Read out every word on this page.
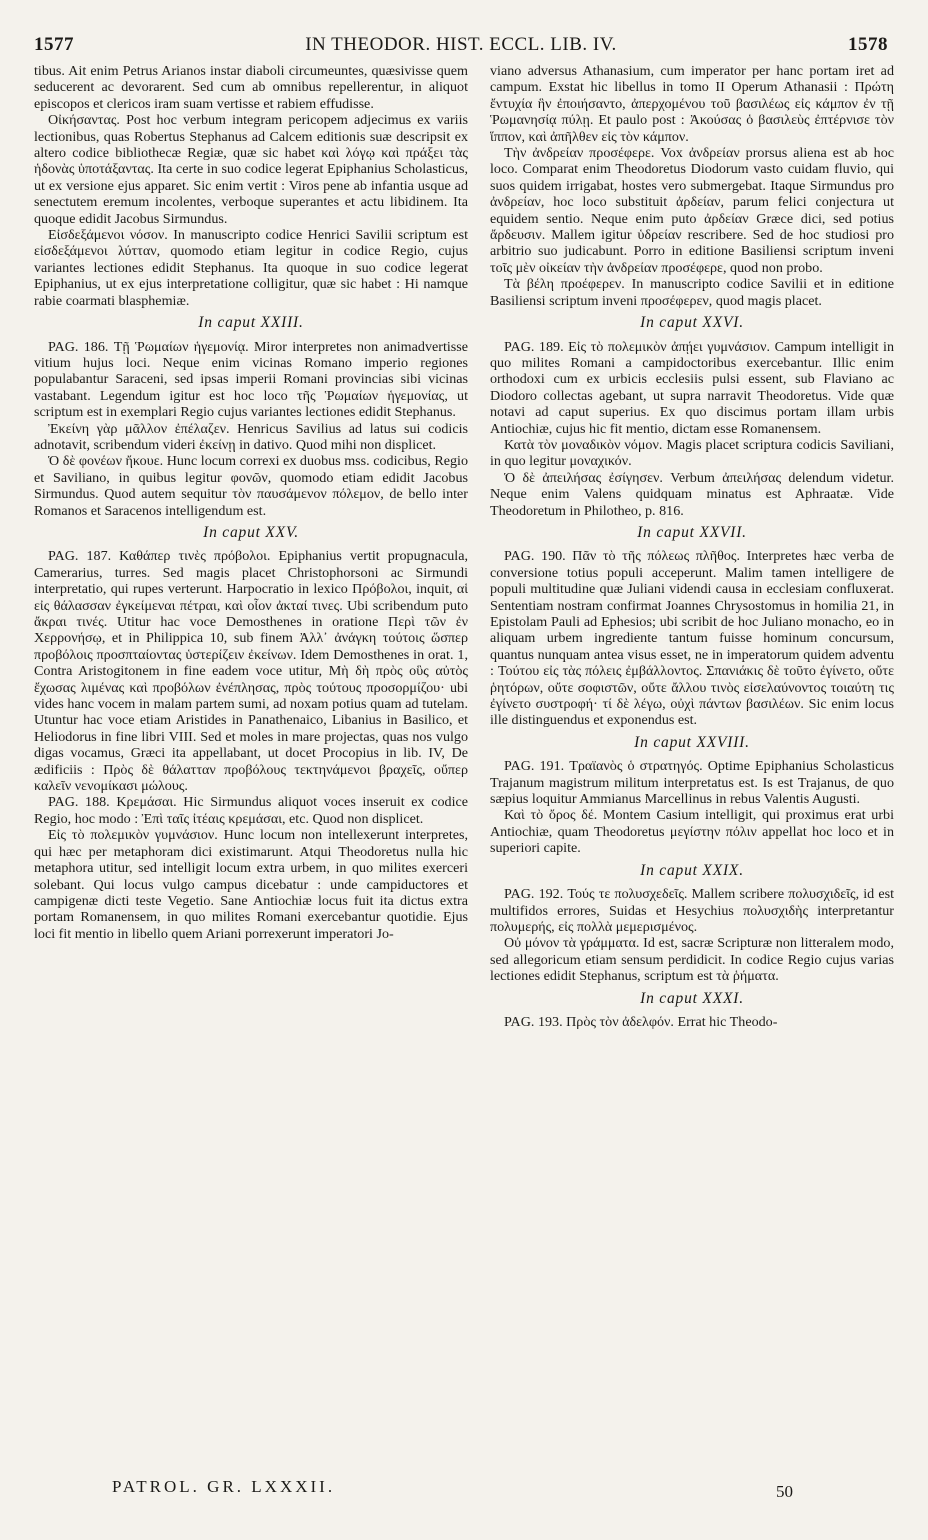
1577	IN THEODOR. HIST. ECCL. LIB. IV.	1578

tibus. Ait enim Petrus Arianos instar diaboli circumeuntes, quæsivisse quem seducerent ac devorarent. Sed cum ab omnibus repellerentur, in aliquot episcopos et clericos iram suam vertisse et rabiem effudisse.

Οἰκήσαντας. Post hoc verbum integram pericopem adjecimus ex variis lectionibus, quas Robertus Stephanus ad Calcem editionis suæ descripsit ex altero codice bibliothecæ Regiæ, quæ sic habet καὶ λόγῳ καὶ πράξει τὰς ἡδονὰς ὑποτάξαντας. Ita certe in suo codice legerat Epiphanius Scholasticus, ut ex versione ejus apparet. Sic enim vertit : Viros pene ab infantia usque ad senectutem eremum incolentes, verboque superantes et actu libidinem. Ita quoque edidit Jacobus Sirmundus.

Εἰσδεξάμενοι νόσον. In manuscripto codice Henrici Savilii scriptum est εἰσδεξάμενοι λύτταν, quomodo etiam legitur in codice Regio, cujus variantes lectiones edidit Stephanus. Ita quoque in suo codice legerat Epiphanius, ut ex ejus interpretatione colligitur, quæ sic habet : Hi namque rabie coarmati blasphemiæ.

In caput XXIII.

PAG. 186. Τῇ Ῥωμαίων ἡγεμονίᾳ. Miror interpretes non animadvertisse vitium hujus loci. Neque enim vicinas Romano imperio regiones populabantur Saraceni, sed ipsas imperii Romani provincias sibi vicinas vastabant. Legendum igitur est hoc loco τῆς Ῥωμαίων ἡγεμονίας, ut scriptum est in exemplari Regio cujus variantes lectiones edidit Stephanus.

Ἐκείνη γὰρ μᾶλλον ἐπέλαζεν. Henricus Savilius ad latus sui codicis adnotavit, scribendum videri ἐκείνῃ in dativo. Quod mihi non displicet.

Ὁ δὲ φονέων ἤκουε. Hunc locum correxi ex duobus mss. codicibus, Regio et Saviliano, in quibus legitur φονῶν, quomodo etiam edidit Jacobus Sirmundus. Quod autem sequitur τὸν παυσάμενον πόλεμον, de bello inter Romanos et Saracenos intelligendum est.

In caput XXV.

PAG. 187. Καθάπερ τινὲς πρόβολοι. Epiphanius vertit propugnacula, Camerarius, turres. Sed magis placet Christophorsoni ac Sirmundi interpretatio, qui rupes verterunt. Harpocratio in lexico Πρόβολοι, inquit, αἱ εἰς θάλασσαν ἐγκείμεναι πέτραι, καὶ οἷον ἀκταί τινες. Ubi scribendum puto ἄκραι τινές. Utitur hac voce Demosthenes in oratione Περὶ τῶν ἐν Χερρονήσῳ, et in Philippica 10, sub finem Ἀλλ᾽ ἀνάγκη τούτοις ὥσπερ προβόλοις προσπταίοντας ὑστερίζειν ἐκείνων. Idem Demosthenes in orat. 1, Contra Aristogitonem in fine eadem voce utitur, Μὴ δὴ πρὸς οὓς αὐτὸς ἔχωσας λιμένας καὶ προβόλων ἐνέπλησας, πρὸς τούτους προσορμίζου· ubi vides hanc vocem in malam partem sumi, ad noxam potius quam ad tutelam. Utuntur hac voce etiam Aristides in Panathenaico, Libanius in Basilico, et Heliodorus in fine libri VIII. Sed et moles in mare projectas, quas nos vulgo digas vocamus, Græci ita appellabant, ut docet Procopius in lib. IV, De ædificiis : Πρὸς δὲ θάλατταν προβόλους τεκτηνάμενοι βραχεῖς, οὔπερ καλεῖν νενομίκασι μώλους.

PAG. 188. Κρεμάσαι. Hic Sirmundus aliquot voces inseruit ex codice Regio, hoc modo : Ἐπὶ ταῖς ἰτέαις κρεμάσαι, etc. Quod non displicet.

Εἰς τὸ πολεμικὸν γυμνάσιον. Hunc locum non intellexerunt interpretes, qui hæc per metaphoram dici existimarunt. Atqui Theodoretus nulla hic metaphora utitur, sed intelligit locum extra urbem, in quo milites exerceri solebant. Qui locus vulgo campus dicebatur : unde campiductores et campigenæ dicti teste Vegetio. Sane Antiochiæ locus fuit ita dictus extra portam Romanensem, in quo milites Romani exercebantur quotidie. Ejus loci fit mentio in libello quem Ariani porrexerunt imperatori Jo-

viano adversus Athanasium, cum imperator per hanc portam iret ad campum. Exstat hic libellus in tomo II Operum Athanasii : Πρώτη ἔντυχία ἣν ἐποιήσαντο, ἀπερχομένου τοῦ βασιλέως εἰς κάμπον ἐν τῇ Ῥωμανησίᾳ πύλῃ. Et paulo post : Ἀκούσας ὁ βασιλεὺς ἐπτέρνισε τὸν ἵππον, καὶ ἀπῆλθεν εἰς τὸν κάμπον.

Τὴν ἀνδρείαν προσέφερε. Vox ἀνδρείαν prorsus aliena est ab hoc loco. Comparat enim Theodoretus Diodorum vasto cuidam fluvio, qui suos quidem irrigabat, hostes vero submergebat. Itaque Sirmundus pro ἀνδρείαν, hoc loco substituit ἀρδείαν, parum felici conjectura ut equidem sentio. Neque enim puto ἀρδείαν Græce dici, sed potius ἄρδευσιν. Mallem igitur ὑδρείαν rescribere. Sed de hoc studiosi pro arbitrio suo judicabunt. Porro in editione Basiliensi scriptum inveni τοῖς μὲν οἰκείαν τὴν ἀνδρείαν προσέφερε, quod non probo.

Τὰ βέλη προέφερεν. In manuscripto codice Savilii et in editione Basiliensi scriptum inveni προσέφερεν, quod magis placet.

In caput XXVI.

PAG. 189. Εἰς τὸ πολεμικὸν ἀπῄει γυμνάσιον. Campum intelligit in quo milites Romani a campidoctoribus exercebantur. Illic enim orthodoxi cum ex urbicis ecclesiis pulsi essent, sub Flaviano ac Diodoro collectas agebant, ut supra narravit Theodoretus. Vide quæ notavi ad caput superius. Ex quo discimus portam illam urbis Antiochiæ, cujus hic fit mentio, dictam esse Romanensem.

Κατὰ τὸν μοναδικὸν νόμον. Magis placet scriptura codicis Saviliani, in quo legitur μοναχικόν.

Ὁ δὲ ἀπειλήσας ἐσίγησεν. Verbum ἀπειλήσας delendum videtur. Neque enim Valens quidquam minatus est Aphraatæ. Vide Theodoretum in Philotheo, p. 816.

In caput XXVII.

PAG. 190. Πᾶν τὸ τῆς πόλεως πλῆθος. Interpretes hæc verba de conversione totius populi acceperunt. Malim tamen intelligere de populi multitudine quæ Juliani videndi causa in ecclesiam confluxerat. Sententiam nostram confirmat Joannes Chrysostomus in homilia 21, in Epistolam Pauli ad Ephesios; ubi scribit de hoc Juliano monacho, eo in aliquam urbem ingrediente tantum fuisse hominum concursum, quantus nunquam antea visus esset, ne in imperatorum quidem adventu : Τούτου εἰς τὰς πόλεις ἐμβάλλοντος. Σπανιάκις δὲ τοῦτο ἐγίνετο, οὔτε ῥητόρων, οὔτε σοφιστῶν, οὔτε ἄλλου τινὸς εἰσελαύνοντος τοιαύτη τις ἐγίνετο συστροφή· τί δὲ λέγω, οὐχὶ πάντων βασιλέων. Sic enim locus ille distinguendus et exponendus est.

In caput XXVIII.

PAG. 191. Τραϊανὸς ὁ στρατηγός. Optime Epiphanius Scholasticus Trajanum magistrum militum interpretatus est. Is est Trajanus, de quo sæpius loquitur Ammianus Marcellinus in rebus Valentis Augusti.

Καὶ τὸ ὄρος δέ. Montem Casium intelligit, qui proximus erat urbi Antiochiæ, quam Theodoretus μεγίστην πόλιν appellat hoc loco et in superiori capite.

In caput XXIX.

PAG. 192. Τούς τε πολυσχεδεῖς. Mallem scribere πολυσχιδεῖς, id est multifidos errores, Suidas et Hesychius πολυσχιδὴς interpretantur πολυμερής, εἰς πολλὰ μεμερισμένος.

Οὐ μόνον τὰ γράμματα. Id est, sacræ Scripturæ non litteralem modo, sed allegoricum etiam sensum perdidicit. In codice Regio cujus varias lectiones edidit Stephanus, scriptum est τὰ ῥήματα.

In caput XXXI.

PAG. 193. Πρὸς τὸν ἀδελφόν. Errat hic Theodo-

PATROL. GR. LXXXII.	50
